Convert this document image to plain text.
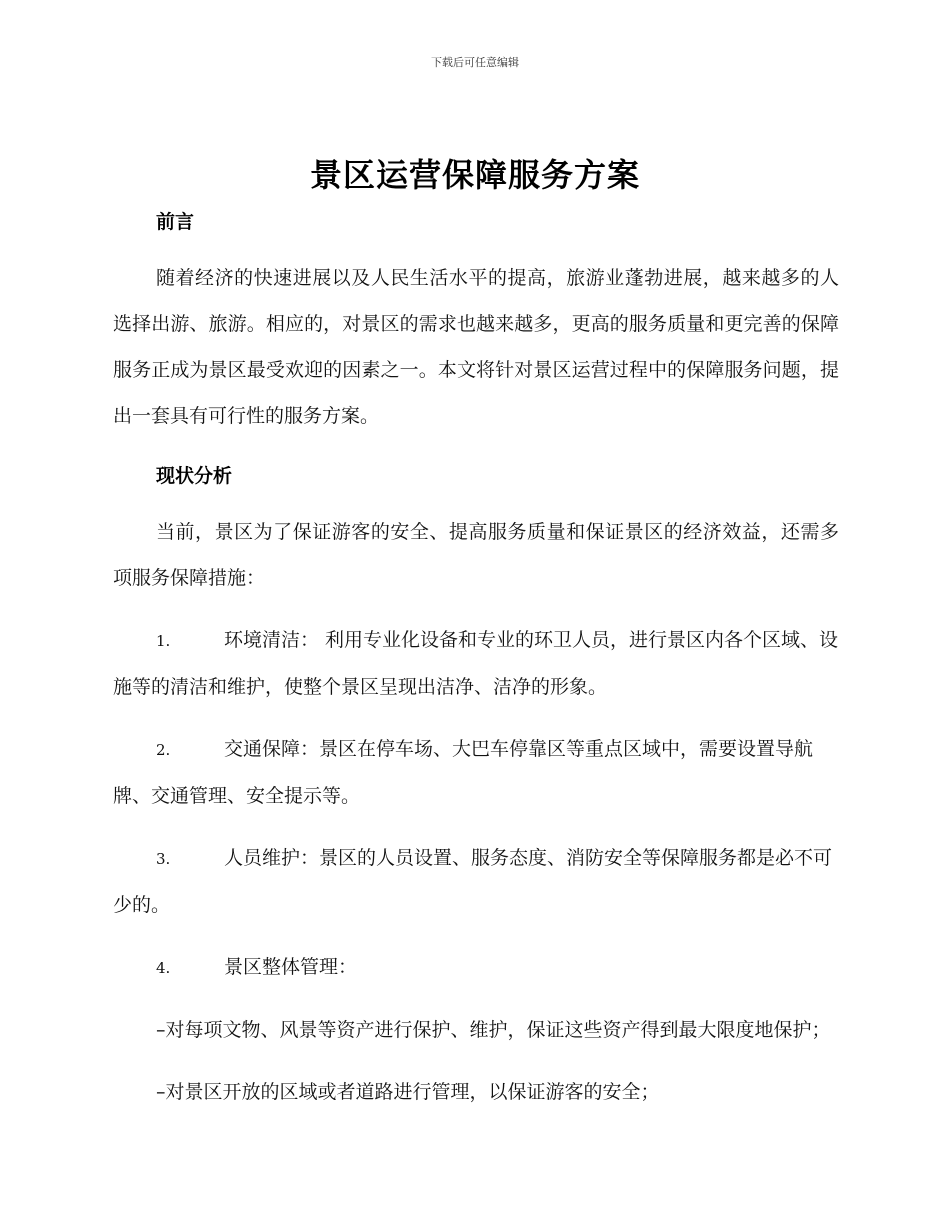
下载后可任意编辑
景区运营保障服务方案
前言

随着经济的快速进展以及人民生活水平的提高，旅游业蓬勃进展，越来越多的人选择出游、旅游。相应的，对景区的需求也越来越多，更高的服务质量和更完善的保障服务正成为景区最受欢迎的因素之一。本文将针对景区运营过程中的保障服务问题，提出一套具有可行性的服务方案。

现状分析

当前，景区为了保证游客的安全、提高服务质量和保证景区的经济效益，还需多项服务保障措施：

1.	环境清洁： 利用专业化设备和专业的环卫人员，进行景区内各个区域、设施等的清洁和维护，使整个景区呈现出洁净、洁净的形象。

2.	交通保障：景区在停车场、大巴车停靠区等重点区域中，需要设置导航牌、交通管理、安全提示等。

3.	人员维护：景区的人员设置、服务态度、消防安全等保障服务都是必不可少的。

4.	景区整体管理：

–对每项文物、风景等资产进行保护、维护，保证这些资产得到最大限度地保护；

–对景区开放的区域或者道路进行管理，以保证游客的安全；
